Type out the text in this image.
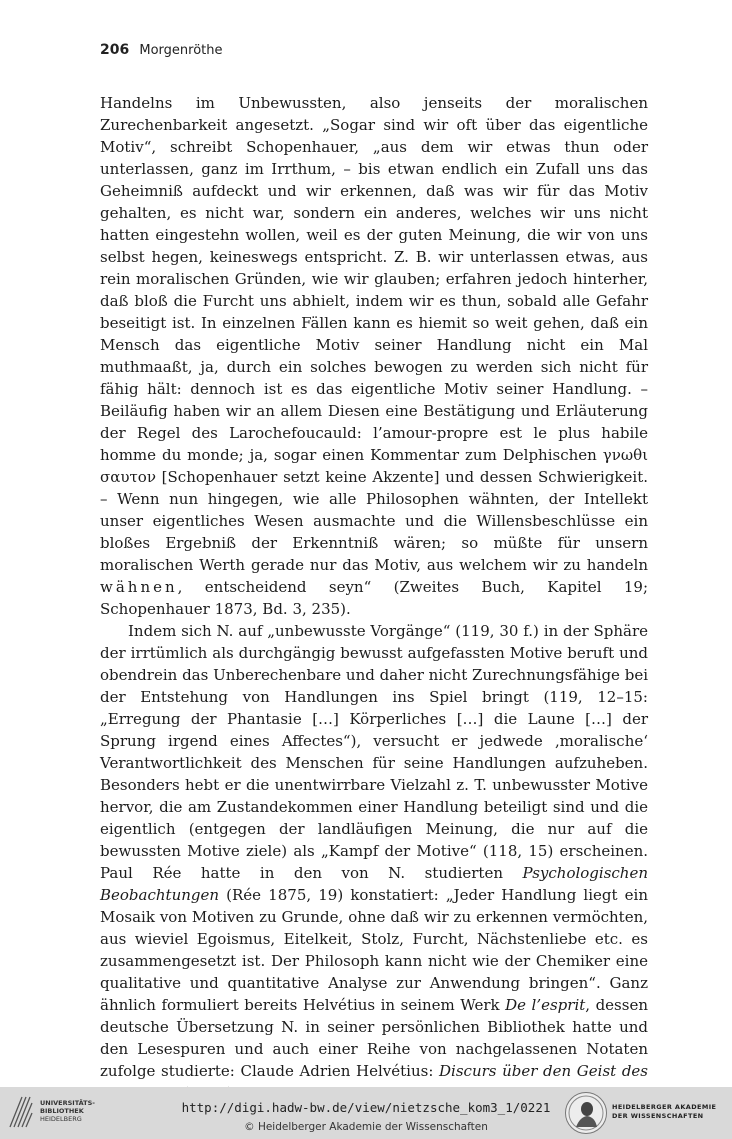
206 Morgenröthe

Handelns im Unbewussten, also jenseits der moralischen Zurechenbarkeit angesetzt. „Sogar sind wir oft über das eigentliche Motiv“, schreibt Schopenhauer, „aus dem wir etwas thun oder unterlassen, ganz im Irrthum, – bis etwan endlich ein Zufall uns das Geheimniß aufdeckt und wir erkennen, daß was wir für das Motiv gehalten, es nicht war, sondern ein anderes, welches wir uns nicht hatten eingestehn wollen, weil es der guten Meinung, die wir von uns selbst hegen, keineswegs entspricht. Z. B. wir unterlassen etwas, aus rein moralischen Gründen, wie wir glauben; erfahren jedoch hinterher, daß bloß die Furcht uns abhielt, indem wir es thun, sobald alle Gefahr beseitigt ist. In einzelnen Fällen kann es hiemit so weit gehen, daß ein Mensch das eigentliche Motiv seiner Handlung nicht ein Mal muthmaaßt, ja, durch ein solches bewogen zu werden sich nicht für fähig hält: dennoch ist es das eigentliche Motiv seiner Handlung. – Beiläufig haben wir an allem Diesen eine Bestätigung und Erläuterung der Regel des Larochefoucauld: l’amour-propre est le plus habile homme du monde; ja, sogar einen Kommentar zum Delphischen γνωθι σαυτον [Schopenhauer setzt keine Akzente] und dessen Schwierigkeit. – Wenn nun hingegen, wie alle Philosophen wähnten, der Intellekt unser eigentliches Wesen ausmachte und die Willensbeschlüsse ein bloßes Ergebniß der Erkenntniß wären; so müßte für unsern moralischen Werth gerade nur das Motiv, aus welchem wir zu handeln wähnen, entscheidend seyn“ (Zweites Buch, Kapitel 19; Schopenhauer 1873, Bd. 3, 235).

Indem sich N. auf „unbewusste Vorgänge“ (119, 30 f.) in der Sphäre der irrtümlich als durchgängig bewusst aufgefassten Motive beruft und obendrein das Unberechenbare und daher nicht Zurechnungsfähige bei der Entstehung von Handlungen ins Spiel bringt (119, 12–15: „Erregung der Phantasie […] Körperliches […] die Laune […] der Sprung irgend eines Affectes“), versucht er jedwede ‚moralische‘ Verantwortlichkeit des Menschen für seine Handlungen aufzuheben. Besonders hebt er die unentwirrbare Vielzahl z. T. unbewusster Motive hervor, die am Zustandekommen einer Handlung beteiligt sind und die eigentlich (entgegen der landläufigen Meinung, die nur auf die bewussten Motive ziele) als „Kampf der Motive“ (118, 15) erscheinen. Paul Rée hatte in den von N. studierten Psychologischen Beobachtungen (Rée 1875, 19) konstatiert: „Jeder Handlung liegt ein Mosaik von Motiven zu Grunde, ohne daß wir zu erkennen vermöchten, aus wieviel Egoismus, Eitelkeit, Stolz, Furcht, Nächstenliebe etc. es zusammengesetzt ist. Der Philosoph kann nicht wie der Chemiker eine qualitative und quantitative Analyse zur Anwendung bringen“. Ganz ähnlich formuliert bereits Helvétius in seinem Werk De l’esprit, dessen deutsche Übersetzung N. in seiner persönlichen Bibliothek hatte und den Lesespuren und auch einer Reihe von nachgelassenen Notaten zufolge studierte: Claude Adrien Helvétius: Discurs über den Geist des

UNIVERSITÄTS-
BIBLIOTHEK
HEIDELBERG
http://digi.hadw-bw.de/view/nietzsche_kom3_1/0221
© Heidelberger Akademie der Wissenschaften
HEIDELBERGER AKADEMIE
DER WISSENSCHAFTEN
